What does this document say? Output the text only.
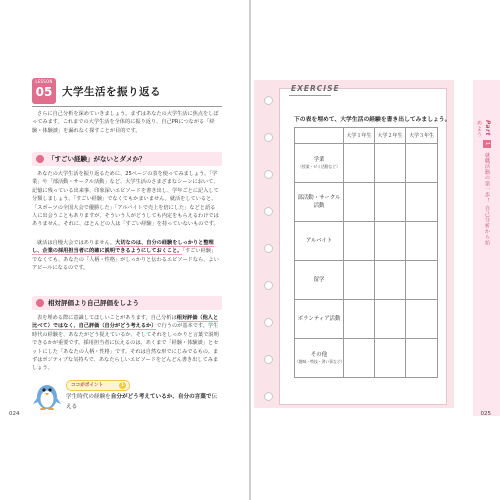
LESSON
05 大学生活を振り返る

さらに自己分析を深めていきましょう。まずはあなたの大学生活に焦点をしぼってみます。これまでの大学生活を全体的に振り返り、自己PRにつながる「経験・体験談」を漏れなく探すことが目的です。

「すごい経験」がないとダメか？

あなたの大学生活を振り返るために、25ページの表を使ってみましょう。「学業」や「部活動・サークル活動」など、大学生活のさまざまなシーンにおいて、記憶に残っている出来事、印象深いエピソードを書き出し、学年ごとに記入して分類しましょう。「すごい経験」でなくてもかまいません。就活をしていると、「スポーツの全国大会で優勝した」「アルバイトで売上を倍にした」などと語る人に出会うこともありますが、そういう人がどうしても内定をもらえるわけではありません。それに、ほとんどの人は「すごい経験」を持っていないものです。

就活は自慢大会ではありません。大切なのは、自分の経験をしっかりと整理し、企業の採用担当者に的確に説明できるようにしておくこと。「すごい経験」でなくても、あなたの「人柄・性格」がしっかりと伝わるエピソードなら、よいアピールになるのです。

相対評価より自己評価をしよう

表を埋める際に意識してほしいことがあります。自己分析は相対評価（他人と比べて）ではなく、自己評価（自分がどう考えるか）で行うのが基本です。学生時代の経験を、あなたがどう捉えているか、そしてそれをしっかりと言葉で説明できるかが重要です。採用担当者に伝えるのは、あくまで「経験・体験談」とセットにした「あなたの人柄・性格」です。それは自然な形でにじみでるもの。まずはポジティブな気持ちで、あなたらしいエピソードをどんどん書き出してみましょう。

ココがポイント	1
学生時代の経験を自分がどう考えているか、自分の言葉で伝える
024
EXERCISE
下の表を埋めて、大学生活の経験を書き出してみましょう。
	大学１年生	大学２年生	大学３年生
学業
（授業・ゼミ活動など）			

部活動・サークル活動			
アルバイト			
留学			
ボランティア活動			
その他
（趣味・特技・習い事など）			

Part 1 就職活動の第一歩！ 自己分析から始めよう
025
